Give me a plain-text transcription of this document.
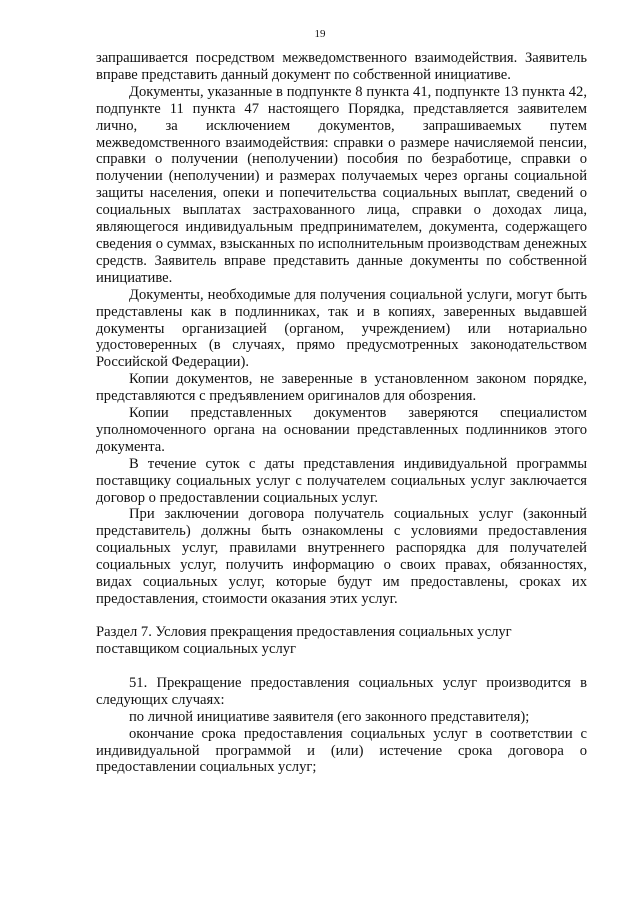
19

запрашивается посредством межведомственного взаимодействия. Заявитель вправе представить данный документ по собственной инициативе.

Документы, указанные в подпункте 8 пункта 41, подпункте 13 пункта 42, подпункте 11 пункта 47 настоящего Порядка, представляется заявителем лично, за исключением документов, запрашиваемых путем межведомственного взаимодействия: справки о размере начисляемой пенсии, справки о получении (неполучении) пособия по безработице, справки о получении (неполучении) и размерах получаемых через органы социальной защиты населения, опеки и попечительства социальных выплат, сведений о социальных выплатах застрахованного лица, справки о доходах лица, являющегося индивидуальным предпринимателем, документа, содержащего сведения о суммах, взысканных по исполнительным производствам денежных средств. Заявитель вправе представить данные документы по собственной инициативе.

Документы, необходимые для получения социальной услуги, могут быть представлены как в подлинниках, так и в копиях, заверенных выдавшей документы организацией (органом, учреждением) или нотариально удостоверенных (в случаях, прямо предусмотренных законодательством Российской Федерации).

Копии документов, не заверенные в установленном законом порядке, представляются с предъявлением оригиналов для обозрения.

Копии представленных документов заверяются специалистом уполномоченного органа на основании представленных подлинников этого документа.

В течение суток с даты представления индивидуальной программы поставщику социальных услуг с получателем социальных услуг заключается договор о предоставлении социальных услуг.

При заключении договора получатель социальных услуг (законный представитель) должны быть ознакомлены с условиями предоставления социальных услуг, правилами внутреннего распорядка для получателей социальных услуг, получить информацию о своих правах, обязанностях, видах социальных услуг, которые будут им предоставлены, сроках их предоставления, стоимости оказания этих услуг.

Раздел 7. Условия прекращения предоставления социальных услуг

поставщиком социальных услуг

51. Прекращение предоставления социальных услуг производится в следующих случаях:

по личной инициативе заявителя (его законного представителя);

окончание срока предоставления социальных услуг в соответствии с индивидуальной программой и (или) истечение срока договора о предоставлении социальных услуг;
